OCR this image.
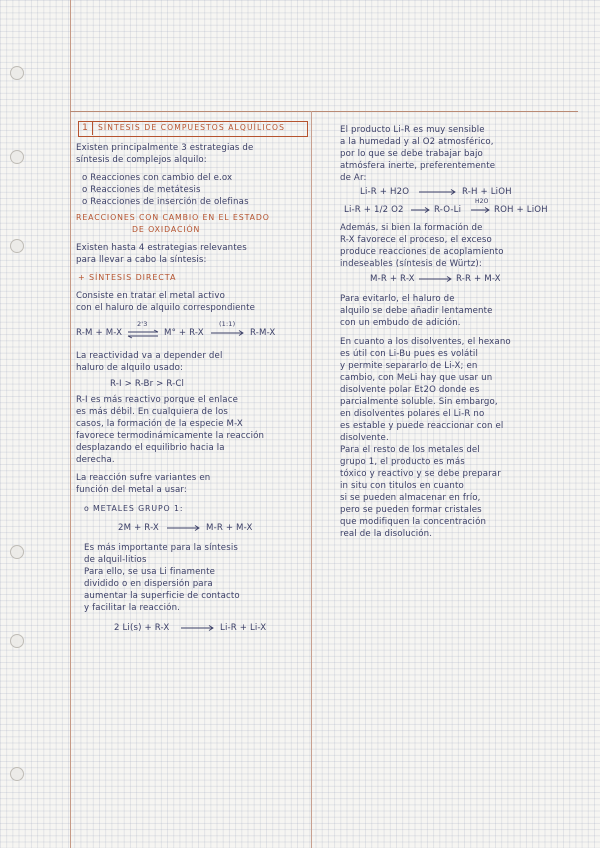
1	SÍNTESIS DE COMPUESTOS ALQUÍLICOS
Existen principalmente 3 estrategias de
síntesis de complejos alquilo:
o Reacciones con cambio del e.ox
o Reacciones de metátesis
o Reacciones de inserción de olefinas
REACCIONES CON CAMBIO EN EL ESTADO
DE OXIDACIÓN
Existen hasta 4 estrategias relevantes
para llevar a cabo la síntesis:
+ SÍNTESIS DIRECTA
Consiste en tratar el metal activo
con el haluro de alquilo correspondiente
R-M + M-X
2'3
⇌ M° + R-X
(1:1)
→ R-M-X
La reactividad va a depender del
haluro de alquilo usado:
R-I > R-Br > R-Cl
R-I es más reactivo porque el enlace
es más débil. En cualquiera de los
casos, la formación de la especie M-X
favorece termodinámicamente la reacción
desplazando el equilibrio hacia la
derecha.
La reacción sufre variantes en
función del metal a usar:
o METALES GRUPO 1:
2M + R-X → M-R + M-X
Es más importante para la síntesis
de alquil-litios
Para ello, se usa Li finamente
dividido o en dispersión para
aumentar la superficie de contacto
y facilitar la reacción.
2 Li(s) + R-X → Li-R + Li-X
El producto Li-R es muy sensible
a la humedad y al O2 atmosférico,
por lo que se debe trabajar bajo
atmósfera inerte, preferentemente
de Ar:
Li-R + H2O → R-H + LiOH
Li-R + 1/2 O2 → R-O-Li
H2O
→ ROH + LiOH
Además, si bien la formación de
R-X favorece el proceso, el exceso
produce reacciones de acoplamiento
indeseables (síntesis de Würtz):
M-R + R-X → R-R + M-X
Para evitarlo, el haluro de
alquilo se debe añadir lentamente
con un embudo de adición.
En cuanto a los disolventes, el hexano
es útil con Li-Bu pues es volátil
y permite separarlo de Li-X; en
cambio, con MeLi hay que usar un
disolvente polar Et2O donde es
parcialmente soluble. Sin embargo,
en disolventes polares el Li-R no
es estable y puede reaccionar con el
disolvente.
Para el resto de los metales del
grupo 1, el producto es más
tóxico y reactivo y se debe preparar
in situ con titulos en cuanto
si se pueden almacenar en frío,
pero se pueden formar cristales
que modifiquen la concentración
real de la disolución.
